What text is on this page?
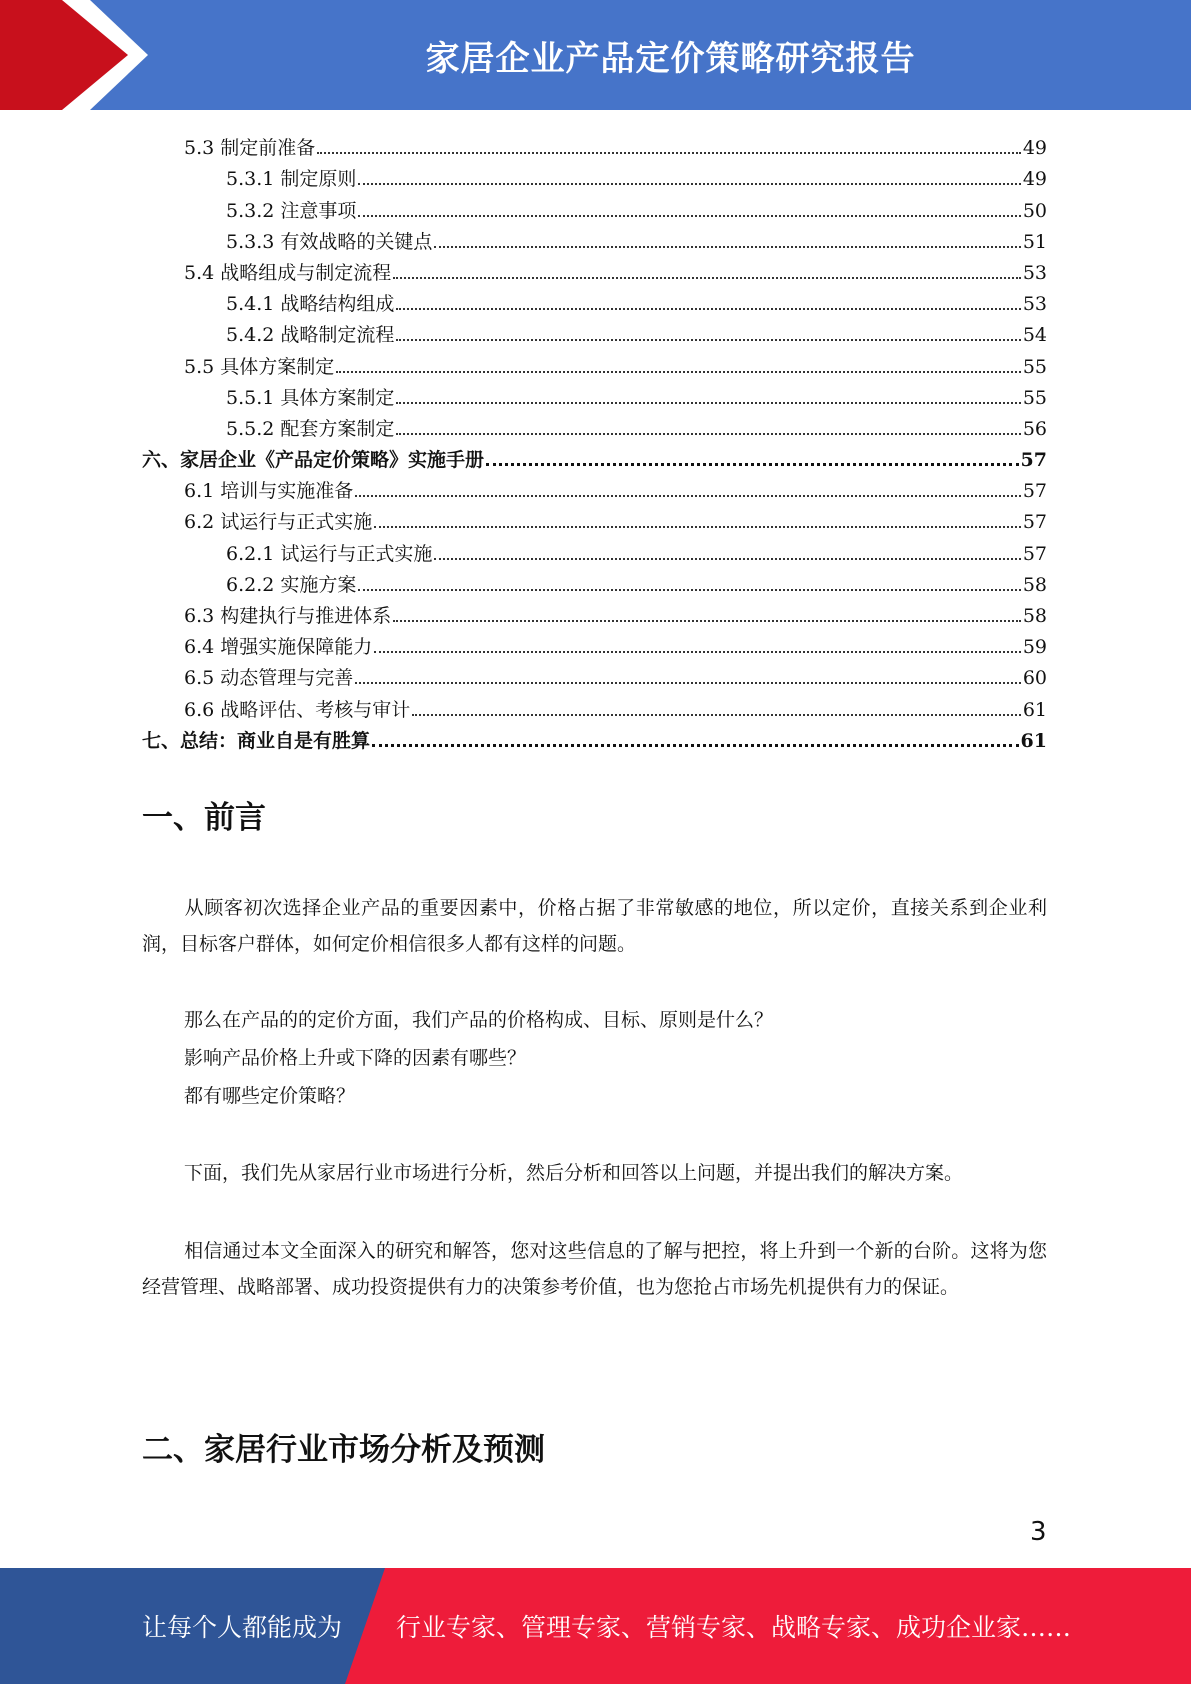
家居企业产品定价策略研究报告
5.3 制定前准备	49
5.3.1 制定原则	49
5.3.2 注意事项	50
5.3.3 有效战略的关键点	51
5.4 战略组成与制定流程	53
5.4.1 战略结构组成	53
5.4.2 战略制定流程	54
5.5 具体方案制定	55
5.5.1 具体方案制定	55
5.5.2 配套方案制定	56
六、家居企业《产品定价策略》实施手册	57
6.1 培训与实施准备	57
6.2 试运行与正式实施	57
6.2.1 试运行与正式实施	57
6.2.2 实施方案	58
6.3 构建执行与推进体系	58
6.4 增强实施保障能力	59
6.5 动态管理与完善	60
6.6 战略评估、考核与审计	61
七、总结：商业自是有胜算	61
一、前言
从顾客初次选择企业产品的重要因素中，价格占据了非常敏感的地位，所以定价，直接关系到企业利润，目标客户群体，如何定价相信很多人都有这样的问题。
那么在产品的的定价方面，我们产品的价格构成、目标、原则是什么？
影响产品价格上升或下降的因素有哪些？
都有哪些定价策略？
下面，我们先从家居行业市场进行分析，然后分析和回答以上问题，并提出我们的解决方案。
相信通过本文全面深入的研究和解答，您对这些信息的了解与把控，将上升到一个新的台阶。这将为您经营管理、战略部署、成功投资提供有力的决策参考价值，也为您抢占市场先机提供有力的保证。
二、家居行业市场分析及预测
3
让每个人都能成为 行业专家、管理专家、营销专家、战略专家、成功企业家……
